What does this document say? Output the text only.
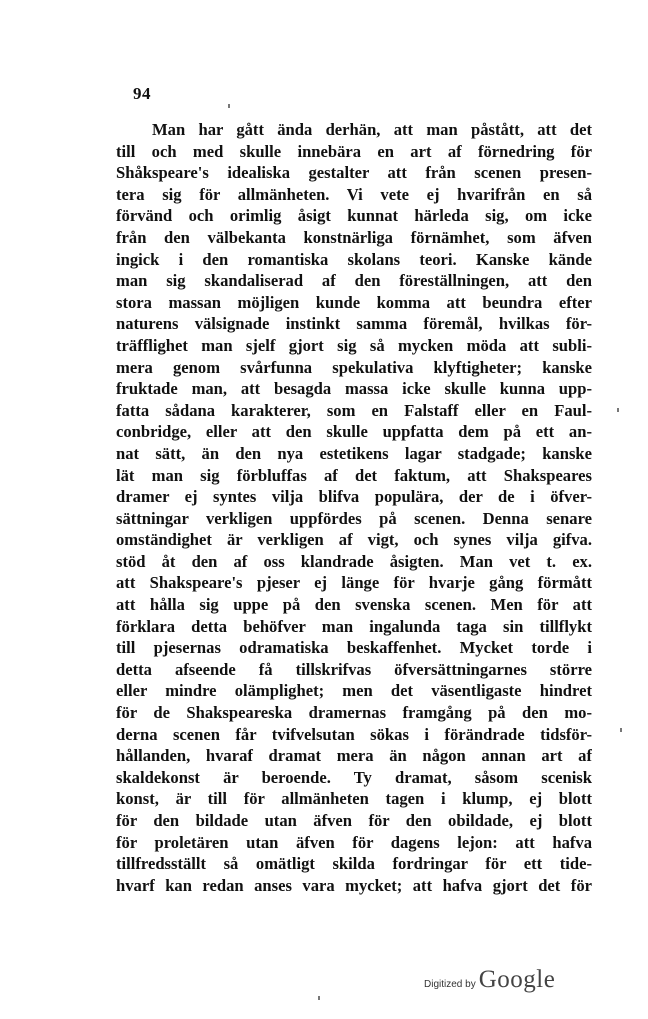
94
Man har gått ända derhän, att man påstått, att det
till och med skulle innebära en art af förnedring för
Shåkspeare's idealiska gestalter att från scenen presen-
tera sig för allmänheten. Vi vete ej hvarifrån en så
förvänd och orimlig åsigt kunnat härleda sig, om icke
från den välbekanta konstnärliga förnämhet, som äfven
ingick i den romantiska skolans teori. Kanske kände
man sig skandaliserad af den föreställningen, att den
stora massan möjligen kunde komma att beundra efter
naturens välsignade instinkt samma föremål, hvilkas för-
träfflighet man sjelf gjort sig så mycken möda att subli-
mera genom svårfunna spekulativa klyftigheter; kanske
fruktade man, att besagda massa icke skulle kunna upp-
fatta sådana karakterer, som en Falstaff eller en Faul-
conbridge, eller att den skulle uppfatta dem på ett an-
nat sätt, än den nya estetikens lagar stadgade; kanske
lät man sig förbluffas af det faktum, att Shakspeares
dramer ej syntes vilja blifva populära, der de i öfver-
sättningar verkligen uppfördes på scenen. Denna senare
omständighet är verkligen af vigt, och synes vilja gifva.
stöd åt den af oss klandrade åsigten. Man vet t. ex.
att Shakspeare's pjeser ej länge för hvarje gång förmått
att hålla sig uppe på den svenska scenen. Men för att
förklara detta behöfver man ingalunda taga sin tillflykt
till pjesernas odramatiska beskaffenhet. Mycket torde i
detta afseende få tillskrifvas öfversättningarnes större
eller mindre olämplighet; men det väsentligaste hindret
för de Shakspeareska dramernas framgång på den mo-
derna scenen får tvifvelsutan sökas i förändrade tidsför-
hållanden, hvaraf dramat mera än någon annan art af
skaldekonst är beroende. Ty dramat, såsom scenisk
konst, är till för allmänheten tagen i klump, ej blott
för den bildade utan äfven för den obildade, ej blott
för proletären utan äfven för dagens lejon: att hafva
tillfredsställt så omätligt skilda fordringar för ett tide-
hvarf kan redan anses vara mycket; att hafva gjort det för
Digitized by Google
